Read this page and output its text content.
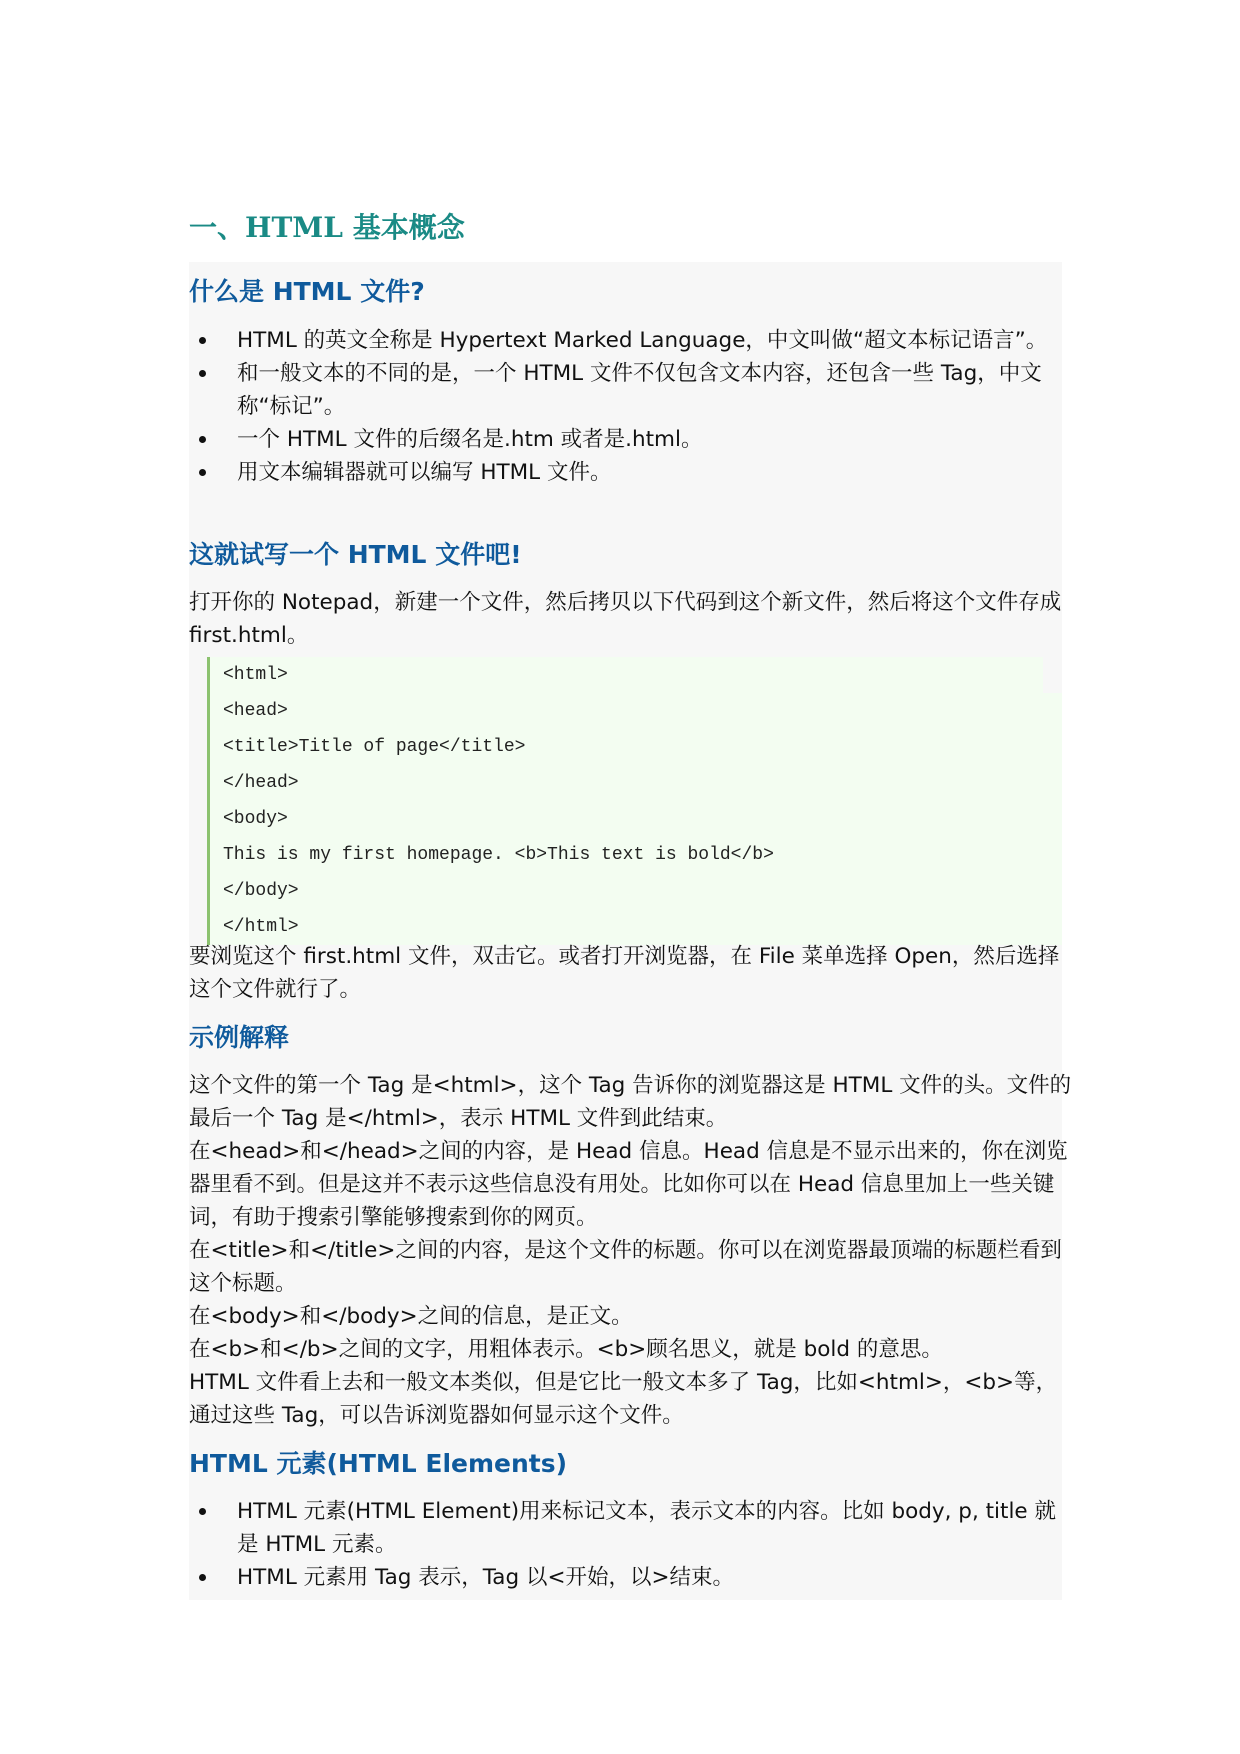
一、HTML 基本概念
什么是 HTML 文件?
HTML 的英文全称是 Hypertext Marked Language，中文叫做“超文本标记语言”。
和一般文本的不同的是，一个 HTML 文件不仅包含文本内容，还包含一些 Tag，中文称“标记”。
一个 HTML 文件的后缀名是.htm 或者是.html。
用文本编辑器就可以编写 HTML 文件。
这就试写一个 HTML 文件吧!

打开你的 Notepad，新建一个文件，然后拷贝以下代码到这个新文件，然后将这个文件存成 first.html。

<html>
<head>
<title>Title of page</title>
</head>
<body>
This is my first homepage. <b>This text is bold</b>
</body>
</html>

要浏览这个 first.html 文件，双击它。或者打开浏览器，在 File 菜单选择 Open，然后选择这个文件就行了。

示例解释

这个文件的第一个 Tag 是<html>，这个 Tag 告诉你的浏览器这是 HTML 文件的头。文件的最后一个 Tag 是</html>，表示 HTML 文件到此结束。

在<head>和</head>之间的内容，是 Head 信息。Head 信息是不显示出来的，你在浏览器里看不到。但是这并不表示这些信息没有用处。比如你可以在 Head 信息里加上一些关键词，有助于搜索引擎能够搜索到你的网页。

在<title>和</title>之间的内容，是这个文件的标题。你可以在浏览器最顶端的标题栏看到这个标题。

在<body>和</body>之间的信息，是正文。

在<b>和</b>之间的文字，用粗体表示。<b>顾名思义，就是 bold 的意思。

HTML 文件看上去和一般文本类似，但是它比一般文本多了 Tag，比如<html>，<b>等，通过这些 Tag，可以告诉浏览器如何显示这个文件。

HTML 元素(HTML Elements)
HTML 元素(HTML Element)用来标记文本，表示文本的内容。比如 body, p, title 就是 HTML 元素。
HTML 元素用 Tag 表示，Tag 以<开始，以>结束。
